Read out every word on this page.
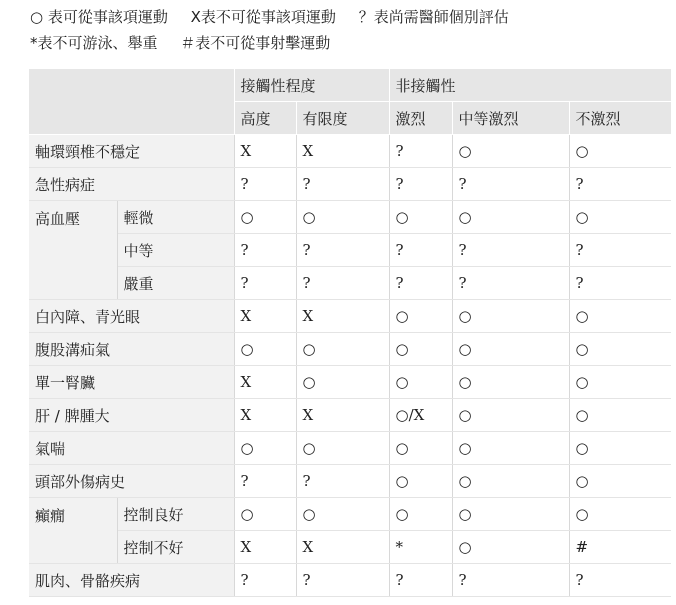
○ 表可從事該項運動 X表不可從事該項運動 ？表尚需醫師個別評估
*表不可游泳、舉重 ＃表不可從事射擊運動
		接觸性程度		非接觸性		
		高度	有限度	激烈	中等激烈	不激烈
軸環頸椎不穩定		X	X	?	○	○
急性病症		?	?	?	?	?
高血壓	輕微	○	○	○	○	○
	中等	?	?	?	?	?
	嚴重	?	?	?	?	?
白內障、青光眼		X	X	○	○	○
腹股溝疝氣		○	○	○	○	○
單一腎臟		X	○	○	○	○
肝 / 脾腫大		X	X	○/X	○	○
氣喘		○	○	○	○	○
頭部外傷病史		?	?	○	○	○
癲癇	控制良好	○	○	○	○	○
	控制不好	X	X	*	○	#
肌肉、骨骼疾病		?	?	?	?	?
